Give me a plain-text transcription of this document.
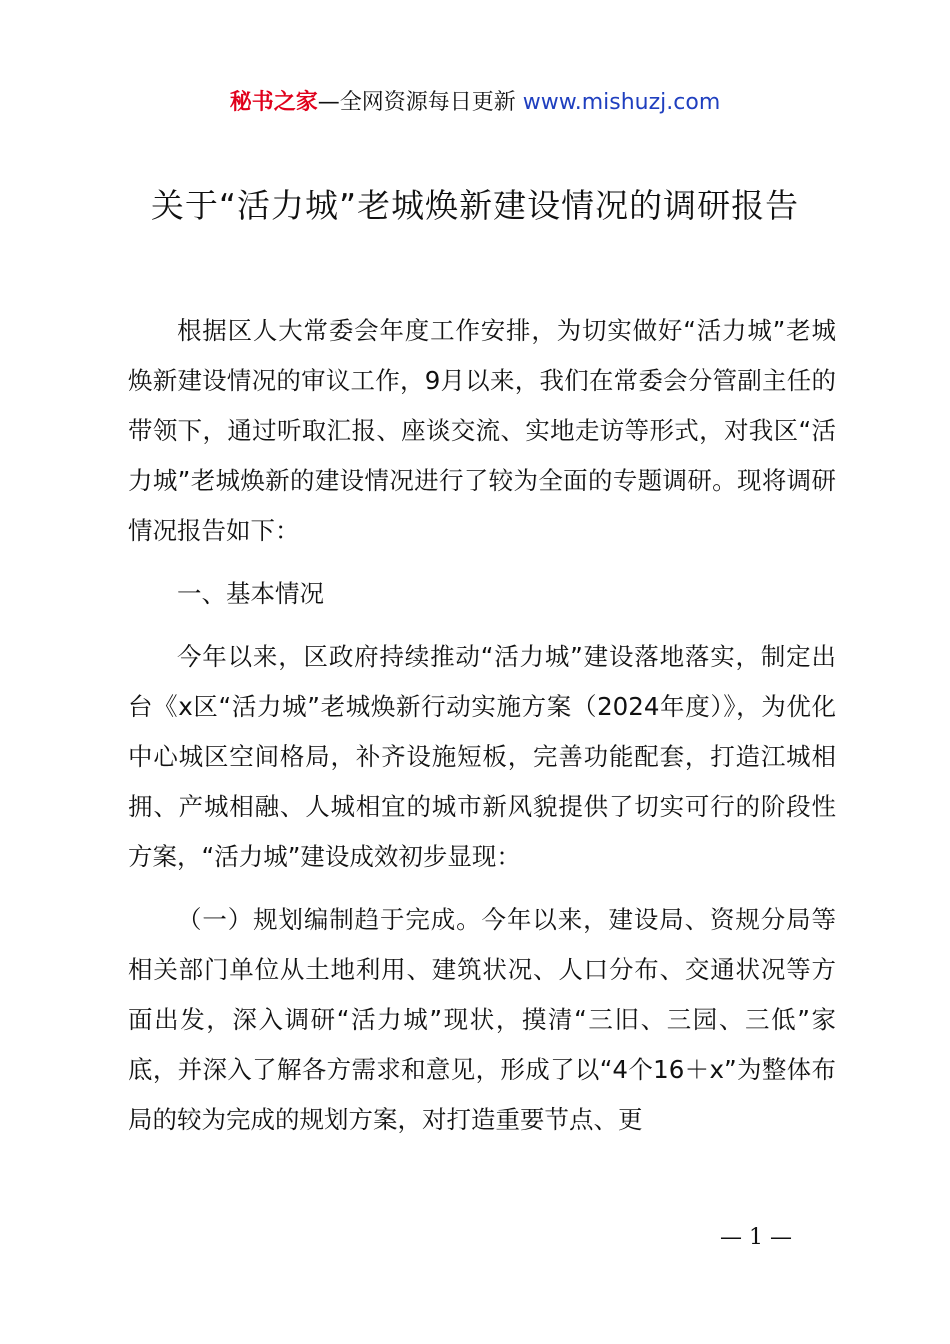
秘书之家—全网资源每日更新 www.mishuzj.com
关于“活力城”老城焕新建设情况的调研报告

根据区人大常委会年度工作安排，为切实做好“活力城”老城焕新建设情况的审议工作，9月以来，我们在常委会分管副主任的带领下，通过听取汇报、座谈交流、实地走访等形式，对我区“活力城”老城焕新的建设情况进行了较为全面的专题调研。现将调研情况报告如下：

一、基本情况

今年以来，区政府持续推动“活力城”建设落地落实，制定出台《x区“活力城”老城焕新行动实施方案（2024年度）》，为优化中心城区空间格局，补齐设施短板，完善功能配套，打造江城相拥、产城相融、人城相宜的城市新风貌提供了切实可行的阶段性方案，“活力城”建设成效初步显现：

（一）规划编制趋于完成。今年以来，建设局、资规分局等相关部门单位从土地利用、建筑状况、人口分布、交通状况等方面出发，深入调研“活力城”现状，摸清“三旧、三园、三低”家底，并深入了解各方需求和意见，形成了以“4个16＋x”为整体布局的较为完成的规划方案，对打造重要节点、更

— 1 —
